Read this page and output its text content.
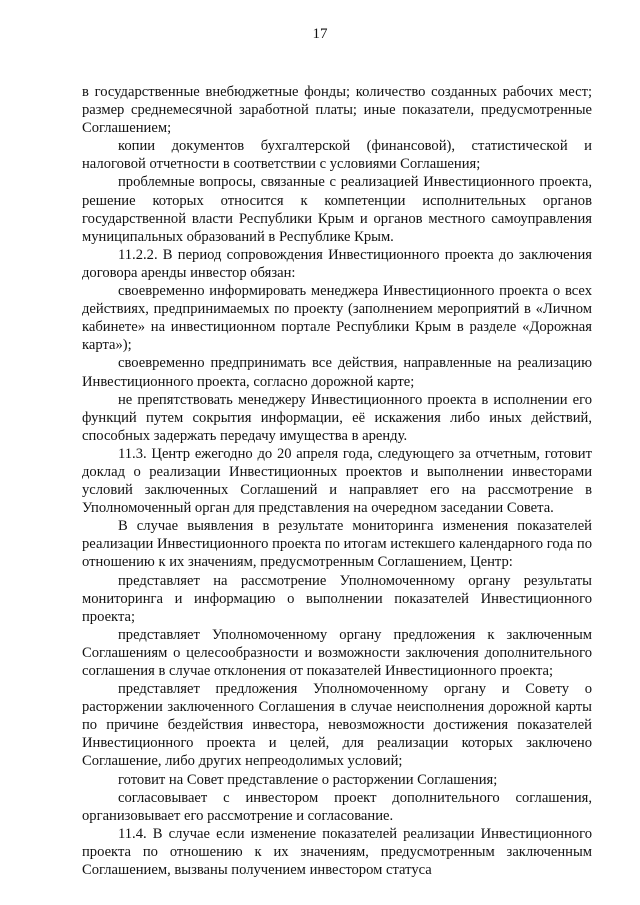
17

в государственные внебюджетные фонды; количество созданных рабочих мест; размер среднемесячной заработной платы; иные показатели, предусмотренные Соглашением;

копии документов бухгалтерской (финансовой), статистической и налоговой отчетности в соответствии с условиями Соглашения;

проблемные вопросы, связанные с реализацией Инвестиционного проекта, решение которых относится к компетенции исполнительных органов государственной власти Республики Крым и органов местного самоуправления муниципальных образований в Республике Крым.

11.2.2. В период сопровождения Инвестиционного проекта до заключения договора аренды инвестор обязан:

своевременно информировать менеджера Инвестиционного проекта о всех действиях, предпринимаемых по проекту (заполнением мероприятий в «Личном кабинете» на инвестиционном портале Республики Крым в разделе «Дорожная карта»);

своевременно предпринимать все действия, направленные на реализацию Инвестиционного проекта, согласно дорожной карте;

не препятствовать менеджеру Инвестиционного проекта в исполнении его функций путем сокрытия информации, её искажения либо иных действий, способных задержать передачу имущества в аренду.

11.3. Центр ежегодно до 20 апреля года, следующего за отчетным, готовит доклад о реализации Инвестиционных проектов и выполнении инвесторами условий заключенных Соглашений и направляет его на рассмотрение в Уполномоченный орган для представления на очередном заседании Совета.

В случае выявления в результате мониторинга изменения показателей реализации Инвестиционного проекта по итогам истекшего календарного года по отношению к их значениям, предусмотренным Соглашением, Центр:

представляет на рассмотрение Уполномоченному органу результаты мониторинга и информацию о выполнении показателей Инвестиционного проекта;

представляет Уполномоченному органу предложения к заключенным Соглашениям о целесообразности и возможности заключения дополнительного соглашения в случае отклонения от показателей Инвестиционного проекта;

представляет предложения Уполномоченному органу и Совету о расторжении заключенного Соглашения в случае неисполнения дорожной карты по причине бездействия инвестора, невозможности достижения показателей Инвестиционного проекта и целей, для реализации которых заключено Соглашение, либо других непреодолимых условий;

готовит на Совет представление о расторжении Соглашения;

согласовывает с инвестором проект дополнительного соглашения, организовывает его рассмотрение и согласование.

11.4. В случае если изменение показателей реализации Инвестиционного проекта по отношению к их значениям, предусмотренным заключенным Соглашением, вызваны получением инвестором статуса
